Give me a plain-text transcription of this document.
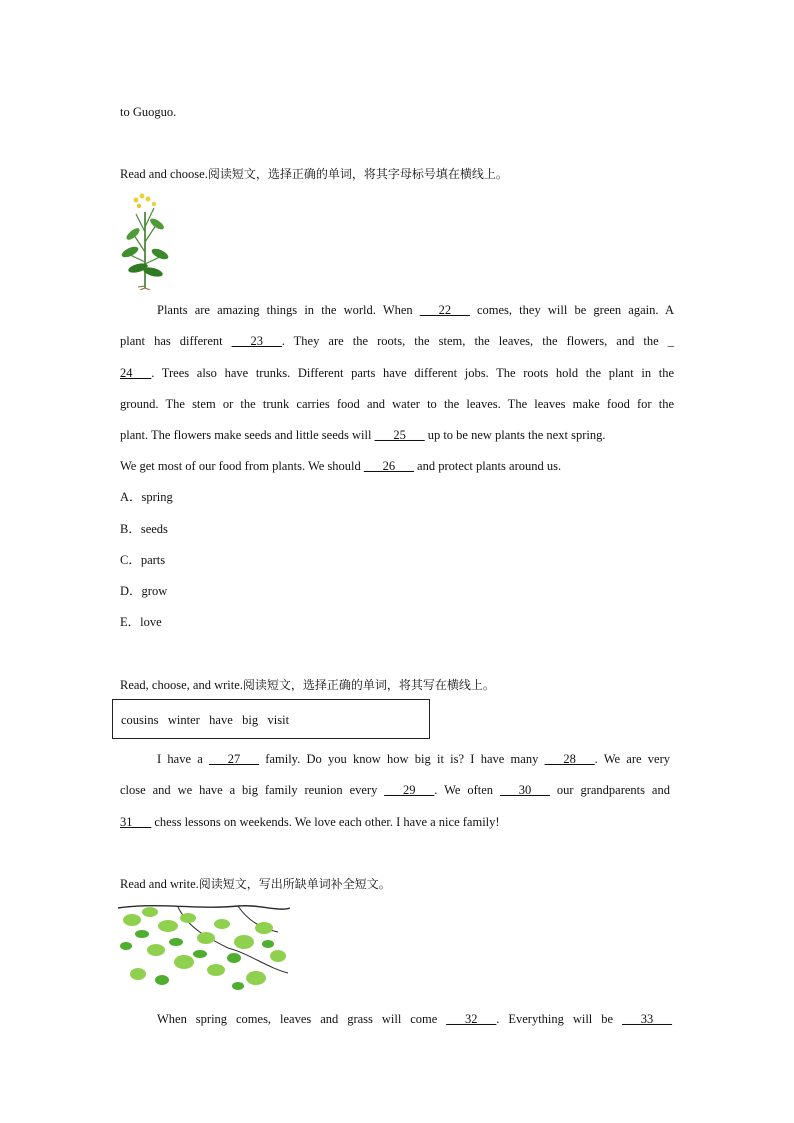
to Guoguo.
Read and choose.阅读短文，选择正确的单词，将其字母标号填在横线上。
Plants are amazing things in the world. When ___22___ comes, they will be green again. A
plant has different ___23___. They are the roots, the stem, the leaves, the flowers, and the _
24___. Trees also have trunks. Different parts have different jobs. The roots hold the plant in the
ground. The stem or the trunk carries food and water to the leaves. The leaves make food for the
plant. The flowers make seeds and little seeds will ___25___ up to be new plants the next spring.
We get most of our food from plants. We should ___26___ and protect plants around us.
A．spring
B．seeds
C．parts
D．grow
E．love
Read, choose, and write.阅读短文，选择正确的单词，将其写在横线上。
cousins   winter   have   big   visit
I have a ___27___ family. Do you know how big it is? I have many ___28___. We are very
close and we have a big family reunion every ___29___. We often ___30___ our grandparents and
31___ chess lessons on weekends. We love each other. I have a nice family!
Read and write.阅读短文，写出所缺单词补全短文。
When spring comes, leaves and grass will come ___32___. Everything will be ___33___
